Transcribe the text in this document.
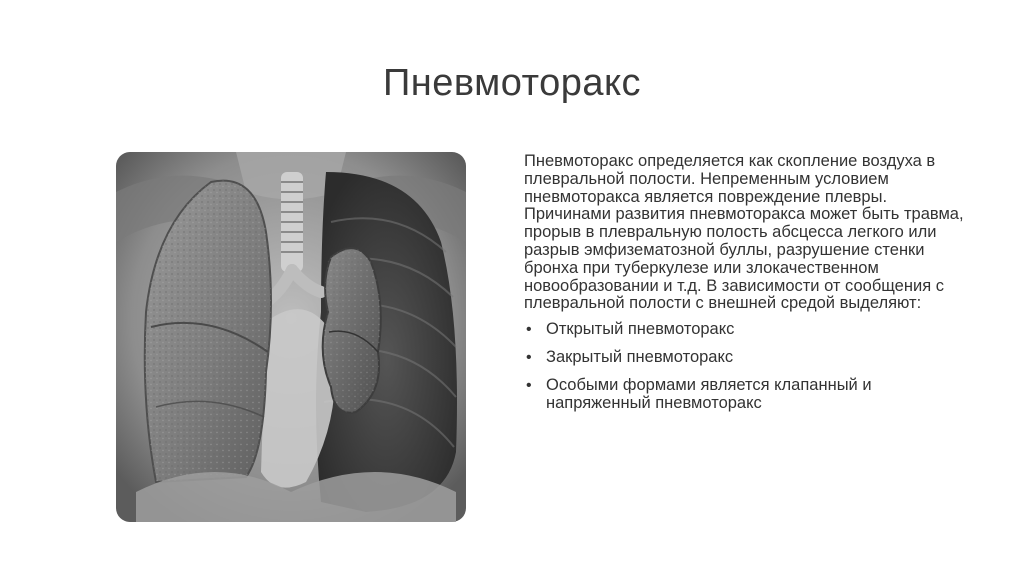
Пневмоторакс

Пневмоторакс определяется как скопление воздуха в плевральной полости. Непременным условием пневмоторакса является повреждение плевры. Причинами развития пневмоторакса может быть травма, прорыв в плевральную полость абсцесса легкого или разрыв эмфизематозной буллы, разрушение стенки бронха при туберкулезе или злокачественном новообразовании и т.д. В зависимости от сообщения с плевральной полости с внешней средой выделяют:

• Открытый пневмоторакс
• Закрытый пневмоторакс
• Особыми формами является клапанный и напряженный пневмоторакс
